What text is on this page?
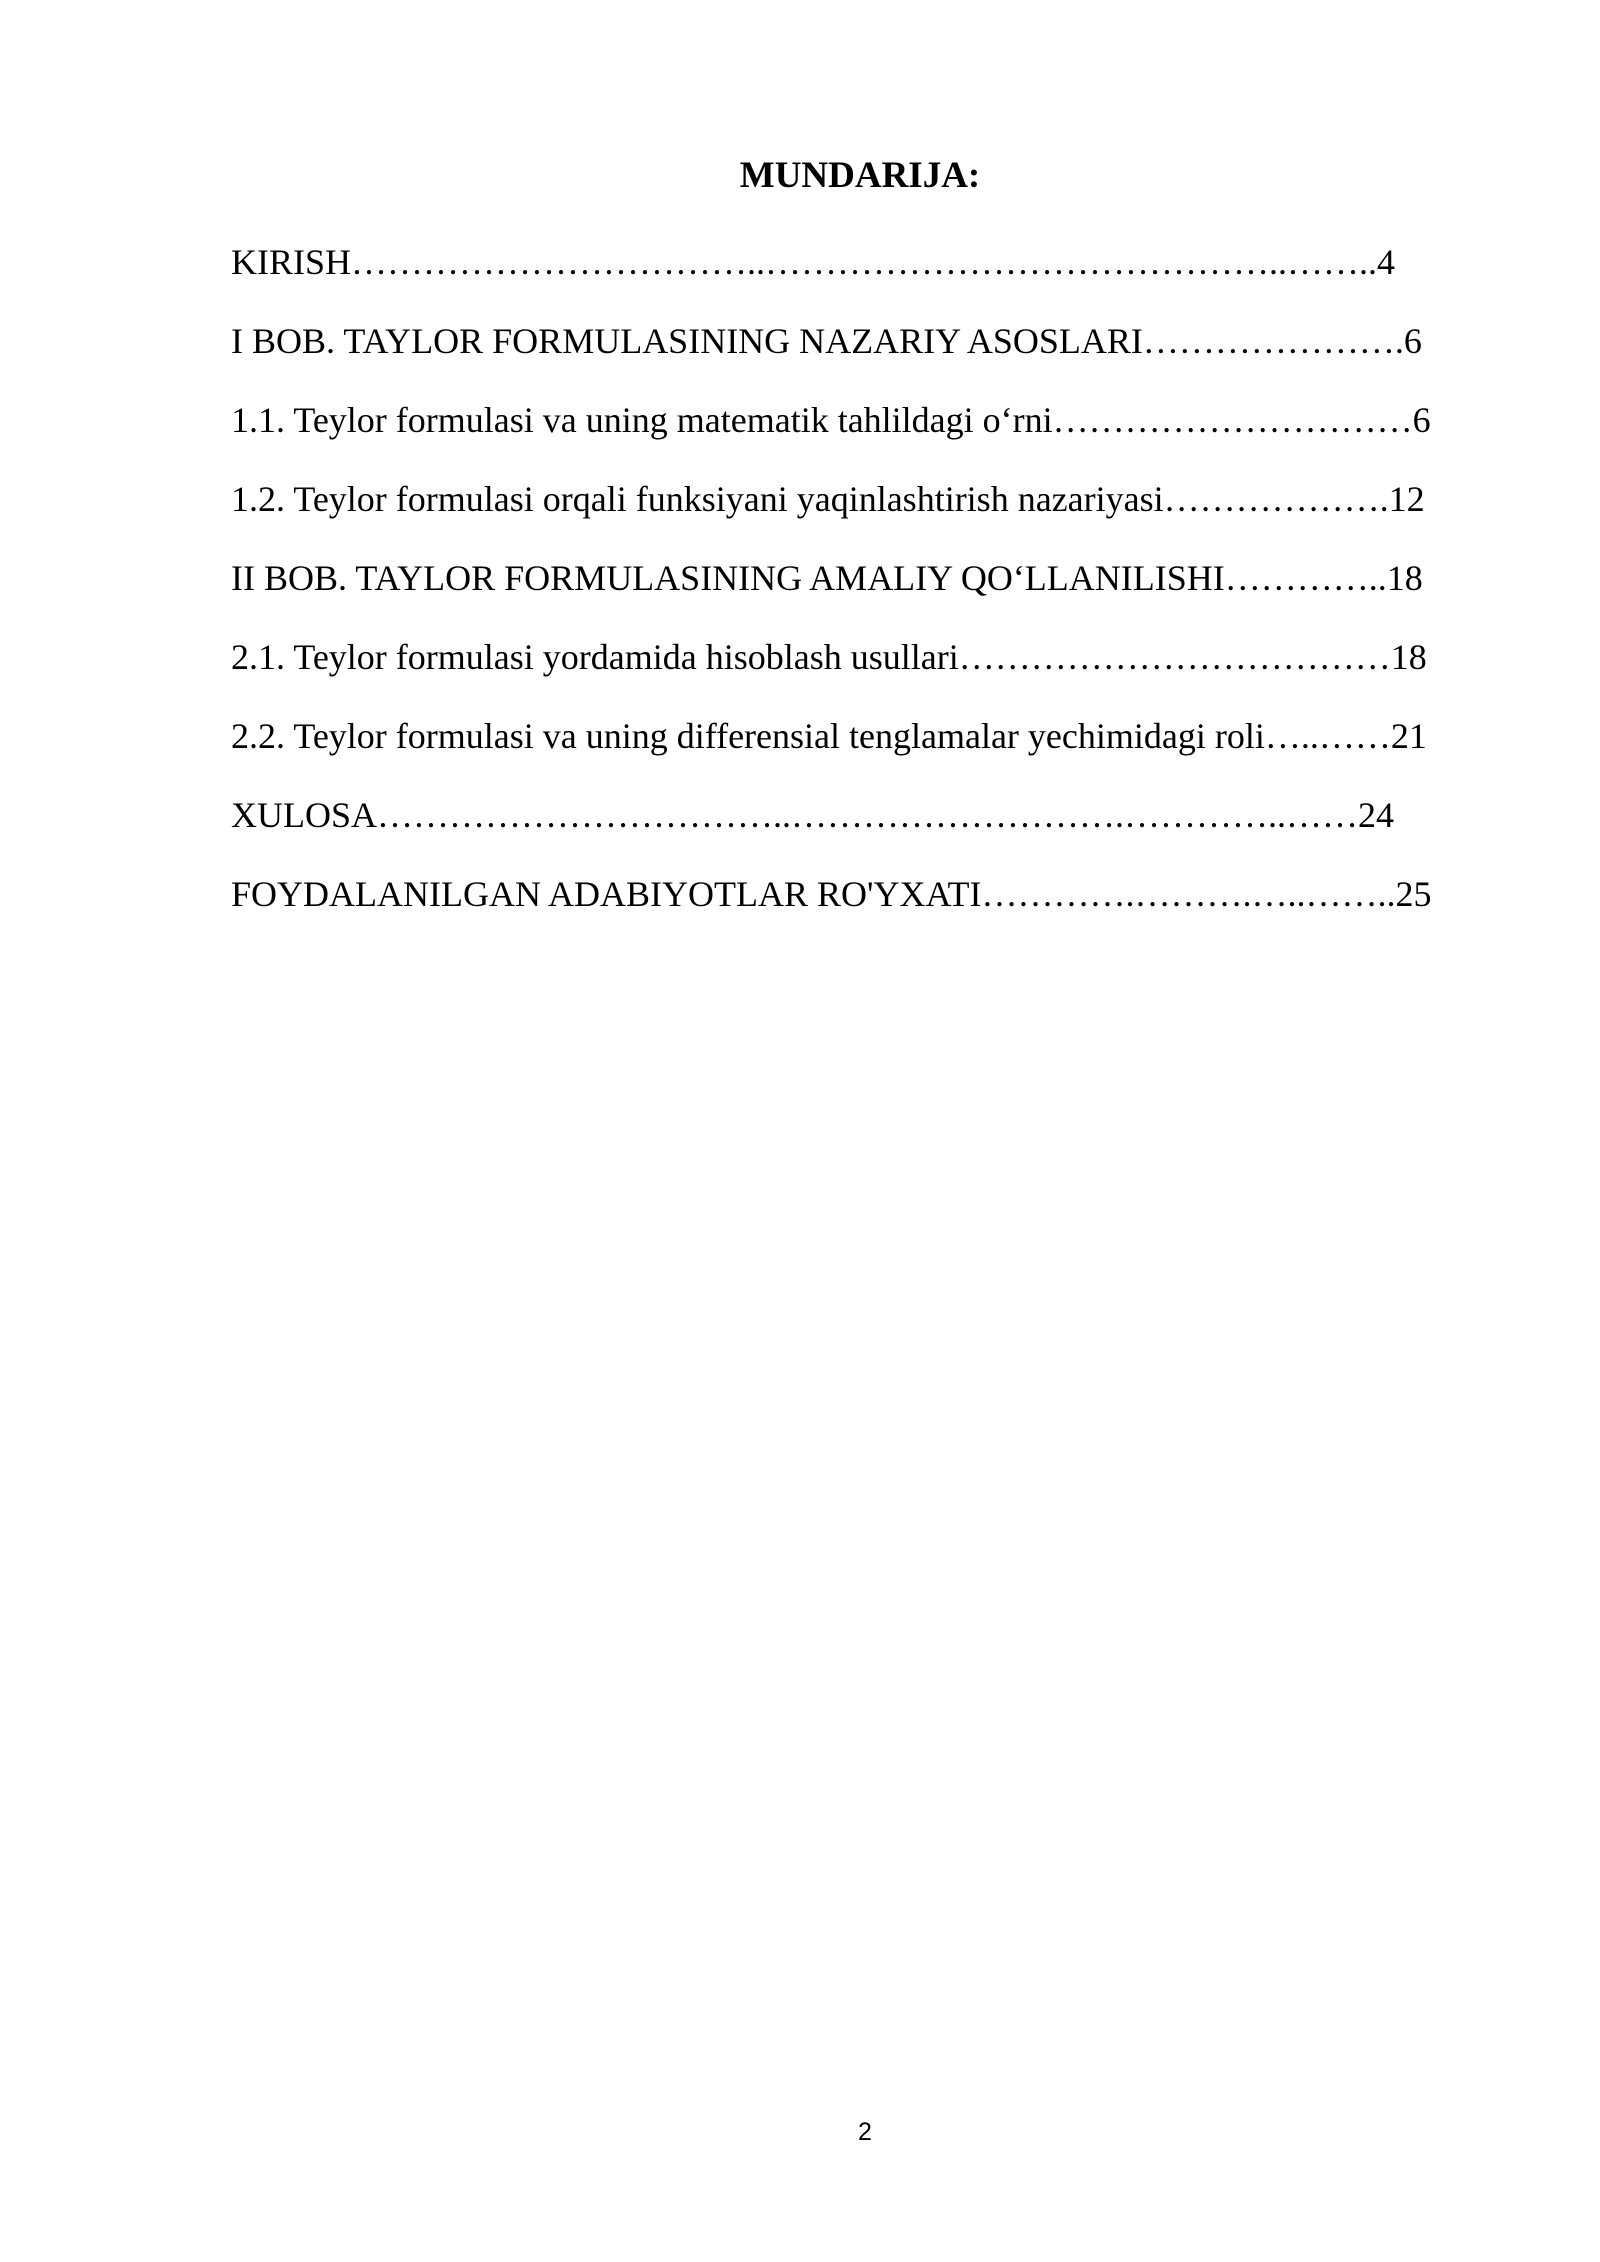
MUNDARIJA:
KIRISH……………………………..……………………………………..……..4
I BOB. TAYLOR FORMULASINING NAZARIY ASOSLARI………………….6
1.1. Teylor formulasi va uning matematik tahlildagi o‘rni…………………………6
1.2. Teylor formulasi orqali funksiyani yaqinlashtirish nazariyasi……………….12
II BOB. TAYLOR FORMULASINING AMALIY QO‘LLANILISHI…………..18
2.1. Teylor formulasi yordamida hisoblash usullari………………………………18
2.2. Teylor formulasi va uning differensial tenglamalar yechimidagi roli…..……21
XULOSA……………………………..……………………….…………..……24
FOYDALANILGAN ADABIYOTLAR RO'YXATI………….……….…..……..25
2
